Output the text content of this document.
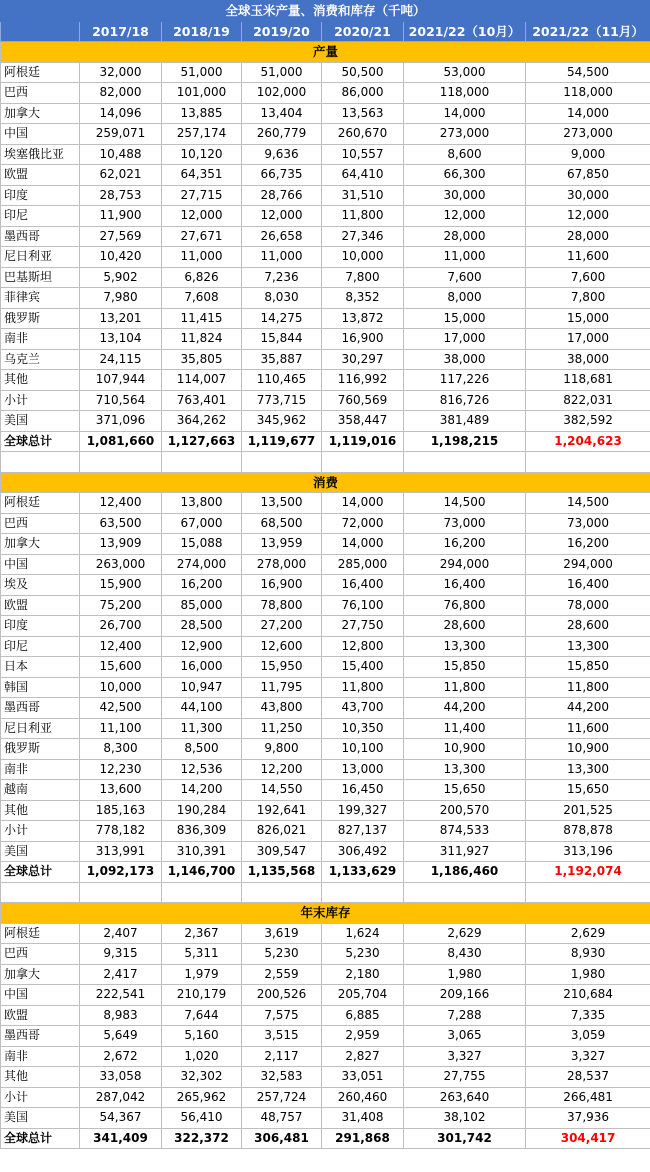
全球玉米产量、消费和库存（千吨）						
	2017/18	2018/19	2019/20	2020/21	2021/22（10月）	2021/22（11月）
产量						
阿根廷	32,000	51,000	51,000	50,500	53,000	54,500
巴西	82,000	101,000	102,000	86,000	118,000	118,000
加拿大	14,096	13,885	13,404	13,563	14,000	14,000
中国	259,071	257,174	260,779	260,670	273,000	273,000
埃塞俄比亚	10,488	10,120	9,636	10,557	8,600	9,000
欧盟	62,021	64,351	66,735	64,410	66,300	67,850
印度	28,753	27,715	28,766	31,510	30,000	30,000
印尼	11,900	12,000	12,000	11,800	12,000	12,000
墨西哥	27,569	27,671	26,658	27,346	28,000	28,000
尼日利亚	10,420	11,000	11,000	10,000	11,000	11,600
巴基斯坦	5,902	6,826	7,236	7,800	7,600	7,600
菲律宾	7,980	7,608	8,030	8,352	8,000	7,800
俄罗斯	13,201	11,415	14,275	13,872	15,000	15,000
南非	13,104	11,824	15,844	16,900	17,000	17,000
乌克兰	24,115	35,805	35,887	30,297	38,000	38,000
其他	107,944	114,007	110,465	116,992	117,226	118,681
小计	710,564	763,401	773,715	760,569	816,726	822,031
美国	371,096	364,262	345,962	358,447	381,489	382,592
全球总计	1,081,660	1,127,663	1,119,677	1,119,016	1,198,215	1,204,623

消费						
阿根廷	12,400	13,800	13,500	14,000	14,500	14,500
巴西	63,500	67,000	68,500	72,000	73,000	73,000
加拿大	13,909	15,088	13,959	14,000	16,200	16,200
中国	263,000	274,000	278,000	285,000	294,000	294,000
埃及	15,900	16,200	16,900	16,400	16,400	16,400
欧盟	75,200	85,000	78,800	76,100	76,800	78,000
印度	26,700	28,500	27,200	27,750	28,600	28,600
印尼	12,400	12,900	12,600	12,800	13,300	13,300
日本	15,600	16,000	15,950	15,400	15,850	15,850
韩国	10,000	10,947	11,795	11,800	11,800	11,800
墨西哥	42,500	44,100	43,800	43,700	44,200	44,200
尼日利亚	11,100	11,300	11,250	10,350	11,400	11,600
俄罗斯	8,300	8,500	9,800	10,100	10,900	10,900
南非	12,230	12,536	12,200	13,000	13,300	13,300
越南	13,600	14,200	14,550	16,450	15,650	15,650
其他	185,163	190,284	192,641	199,327	200,570	201,525
小计	778,182	836,309	826,021	827,137	874,533	878,878
美国	313,991	310,391	309,547	306,492	311,927	313,196
全球总计	1,092,173	1,146,700	1,135,568	1,133,629	1,186,460	1,192,074

年末库存						
阿根廷	2,407	2,367	3,619	1,624	2,629	2,629
巴西	9,315	5,311	5,230	5,230	8,430	8,930
加拿大	2,417	1,979	2,559	2,180	1,980	1,980
中国	222,541	210,179	200,526	205,704	209,166	210,684
欧盟	8,983	7,644	7,575	6,885	7,288	7,335
墨西哥	5,649	5,160	3,515	2,959	3,065	3,059
南非	2,672	1,020	2,117	2,827	3,327	3,327
其他	33,058	32,302	32,583	33,051	27,755	28,537
小计	287,042	265,962	257,724	260,460	263,640	266,481
美国	54,367	56,410	48,757	31,408	38,102	37,936
全球总计	341,409	322,372	306,481	291,868	301,742	304,417
